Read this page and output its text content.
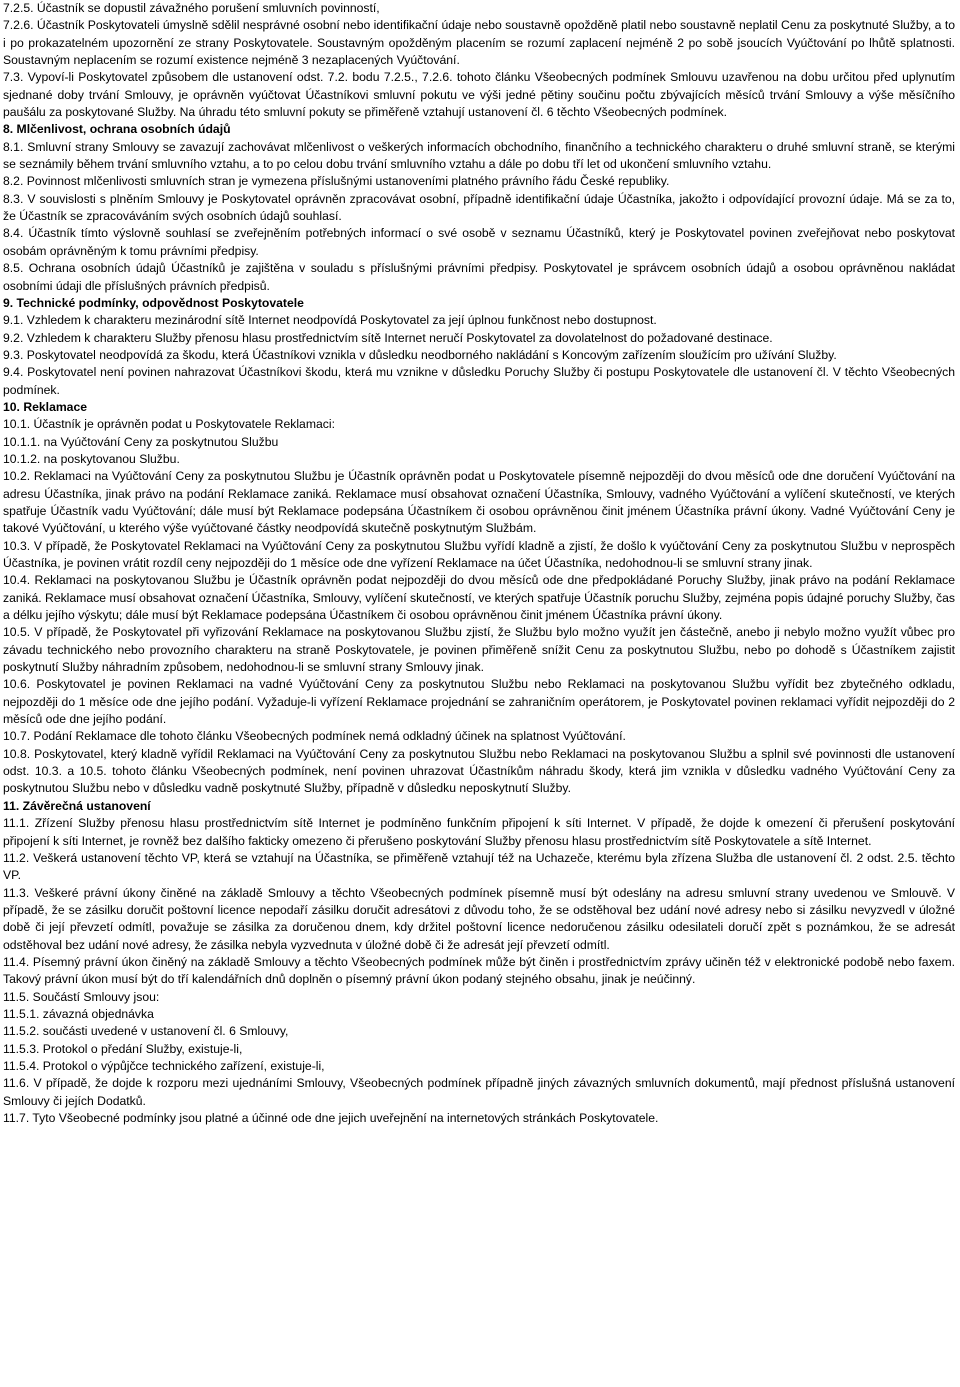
7.2.5. Účastník se dopustil závažného porušení smluvních povinností,

7.2.6. Účastník Poskytovateli úmyslně sdělil nesprávné osobní nebo identifikační údaje nebo soustavně opožděně platil nebo soustavně neplatil Cenu za poskytnuté Služby, a to i po prokazatelném upozornění ze strany Poskytovatele. Soustavným opožděným placením se rozumí zaplacení nejméně 2 po sobě jsoucích Vyúčtování po lhůtě splatnosti. Soustavným neplacením se rozumí existence nejméně 3 nezaplacených Vyúčtování.

7.3. Vypoví-li Poskytovatel způsobem dle ustanovení odst. 7.2. bodu 7.2.5., 7.2.6. tohoto článku Všeobecných podmínek Smlouvu uzavřenou na dobu určitou před uplynutím sjednané doby trvání Smlouvy, je oprávněn vyúčtovat Účastníkovi smluvní pokutu ve výši jedné pětiny součinu počtu zbývajících měsíců trvání Smlouvy a výše měsíčního paušálu za poskytované Služby. Na úhradu této smluvní pokuty se přiměřeně vztahují ustanovení čl. 6 těchto Všeobecných podmínek.

8. Mlčenlivost, ochrana osobních údajů

8.1. Smluvní strany Smlouvy se zavazují zachovávat mlčenlivost o veškerých informacích obchodního, finančního a technického charakteru o druhé smluvní straně, se kterými se seznámily během trvání smluvního vztahu, a to po celou dobu trvání smluvního vztahu a dále po dobu tří let od ukončení smluvního vztahu.

8.2. Povinnost mlčenlivosti smluvních stran je vymezena příslušnými ustanoveními platného právního řádu České republiky.

8.3. V souvislosti s plněním Smlouvy je Poskytovatel oprávněn zpracovávat osobní, případně identifikační údaje Účastníka, jakožto i odpovídající provozní údaje. Má se za to, že Účastník se zpracováváním svých osobních údajů souhlasí.

8.4. Účastník tímto výslovně souhlasí se zveřejněním potřebných informací o své osobě v seznamu Účastníků, který je Poskytovatel povinen zveřejňovat nebo poskytovat osobám oprávněným k tomu právními předpisy.

8.5. Ochrana osobních údajů Účastníků je zajištěna v souladu s příslušnými právními předpisy. Poskytovatel je správcem osobních údajů a osobou oprávněnou nakládat osobními údaji dle příslušných právních předpisů.

9. Technické podmínky, odpovědnost Poskytovatele

9.1. Vzhledem k charakteru mezinárodní sítě Internet neodpovídá Poskytovatel za její úplnou funkčnost nebo dostupnost.

9.2. Vzhledem k charakteru Služby přenosu hlasu prostřednictvím sítě Internet neručí Poskytovatel za dovolatelnost do požadované destinace.

9.3. Poskytovatel neodpovídá za škodu, která Účastníkovi vznikla v důsledku neodborného nakládání s Koncovým zařízením sloužícím pro užívání Služby.

9.4. Poskytovatel není povinen nahrazovat Účastníkovi škodu, která mu vznikne v důsledku Poruchy Služby či postupu Poskytovatele dle ustanovení čl. V těchto Všeobecných podmínek.

10. Reklamace

10.1. Účastník je oprávněn podat u Poskytovatele Reklamaci:

10.1.1. na Vyúčtování Ceny za poskytnutou Službu

10.1.2. na poskytovanou Službu.

10.2. Reklamaci na Vyúčtování Ceny za poskytnutou Službu je Účastník oprávněn podat u Poskytovatele písemně nejpozději do dvou měsíců ode dne doručení Vyúčtování na adresu Účastníka, jinak právo na podání Reklamace zaniká. Reklamace musí obsahovat označení Účastníka, Smlouvy, vadného Vyúčtování a vylíčení skutečností, ve kterých spatřuje Účastník vadu Vyúčtování; dále musí být Reklamace podepsána Účastníkem či osobou oprávněnou činit jménem Účastníka právní úkony. Vadné Vyúčtování Ceny je takové Vyúčtování, u kterého výše vyúčtované částky neodpovídá skutečně poskytnutým Službám.

10.3. V případě, že Poskytovatel Reklamaci na Vyúčtování Ceny za poskytnutou Službu vyřídí kladně a zjistí, že došlo k vyúčtování Ceny za poskytnutou Službu v neprospěch Účastníka, je povinen vrátit rozdíl ceny nejpozději do 1 měsíce ode dne vyřízení Reklamace na účet Účastníka, nedohodnou-li se smluvní strany jinak.

10.4. Reklamaci na poskytovanou Službu je Účastník oprávněn podat nejpozději do dvou měsíců ode dne předpokládané Poruchy Služby, jinak právo na podání Reklamace zaniká. Reklamace musí obsahovat označení Účastníka, Smlouvy, vylíčení skutečností, ve kterých spatřuje Účastník poruchu Služby, zejména popis údajné poruchy Služby, čas a délku jejího výskytu; dále musí být Reklamace podepsána Účastníkem či osobou oprávněnou činit jménem Účastníka právní úkony.

10.5. V případě, že Poskytovatel při vyřizování Reklamace na poskytovanou Službu zjistí, že Službu bylo možno využít jen částečně, anebo ji nebylo možno využít vůbec pro závadu technického nebo provozního charakteru na straně Poskytovatele, je povinen přiměřeně snížit Cenu za poskytnutou Službu, nebo po dohodě s Účastníkem zajistit poskytnutí Služby náhradním způsobem, nedohodnou-li se smluvní strany Smlouvy jinak.

10.6. Poskytovatel je povinen Reklamaci na vadné Vyúčtování Ceny za poskytnutou Službu nebo Reklamaci na poskytovanou Službu vyřídit bez zbytečného odkladu, nejpozději do 1 měsíce ode dne jejího podání. Vyžaduje-li vyřízení Reklamace projednání se zahraničním operátorem, je Poskytovatel povinen reklamaci vyřídit nejpozději do 2 měsíců ode dne jejího podání.

10.7. Podání Reklamace dle tohoto článku Všeobecných podmínek nemá odkladný účinek na splatnost Vyúčtování.

10.8. Poskytovatel, který kladně vyřídil Reklamaci na Vyúčtování Ceny za poskytnutou Službu nebo Reklamaci na poskytovanou Službu a splnil své povinnosti dle ustanovení odst. 10.3. a 10.5. tohoto článku Všeobecných podmínek, není povinen uhrazovat Účastníkům náhradu škody, která jim vznikla v důsledku vadného Vyúčtování Ceny za poskytnutou Službu nebo v důsledku vadně poskytnuté Služby, případně v důsledku neposkytnutí Služby.

11. Závěrečná ustanovení

11.1. Zřízení Služby přenosu hlasu prostřednictvím sítě Internet je podmíněno funkčním připojení k síti Internet. V případě, že dojde k omezení či přerušení poskytování připojení k síti Internet, je rovněž bez dalšího fakticky omezeno či přerušeno poskytování Služby přenosu hlasu prostřednictvím sítě Poskytovatele a sítě Internet.

11.2. Veškerá ustanovení těchto VP, která se vztahují na Účastníka, se přiměřeně vztahují též na Uchazeče, kterému byla zřízena Služba dle ustanovení čl. 2 odst. 2.5. těchto VP.

11.3. Veškeré právní úkony činěné na základě Smlouvy a těchto Všeobecných podmínek písemně musí být odeslány na adresu smluvní strany uvedenou ve Smlouvě. V případě, že se zásilku doručit poštovní licence nepodaří zásilku doručit adresátovi z důvodu toho, že se odstěhoval bez udání nové adresy nebo si zásilku nevyzvedl v úložné době či její převzetí odmítl, považuje se zásilka za doručenou dnem, kdy držitel poštovní licence nedoručenou zásilku odesilateli doručí zpět s poznámkou, že se adresát odstěhoval bez udání nové adresy, že zásilka nebyla vyzvednuta v úložné době či že adresát její převzetí odmítl.

11.4. Písemný právní úkon činěný na základě Smlouvy a těchto Všeobecných podmínek může být činěn i prostřednictvím zprávy učiněn též v elektronické podobě nebo faxem. Takový právní úkon musí být do tří kalendářních dnů doplněn o písemný právní úkon podaný stejného obsahu, jinak je neúčinný.

11.5. Součástí Smlouvy jsou:

11.5.1. závazná objednávka

11.5.2. součásti uvedené v ustanovení čl. 6 Smlouvy,

11.5.3. Protokol o předání Služby, existuje-li,

11.5.4. Protokol o výpůjčce technického zařízení, existuje-li,

11.6. V případě, že dojde k rozporu mezi ujednáními Smlouvy, Všeobecných podmínek případně jiných závazných smluvních dokumentů, mají přednost příslušná ustanovení Smlouvy či jejích Dodatků.

11.7. Tyto Všeobecné podmínky jsou platné a účinné ode dne jejich uveřejnění na internetových stránkách Poskytovatele.
